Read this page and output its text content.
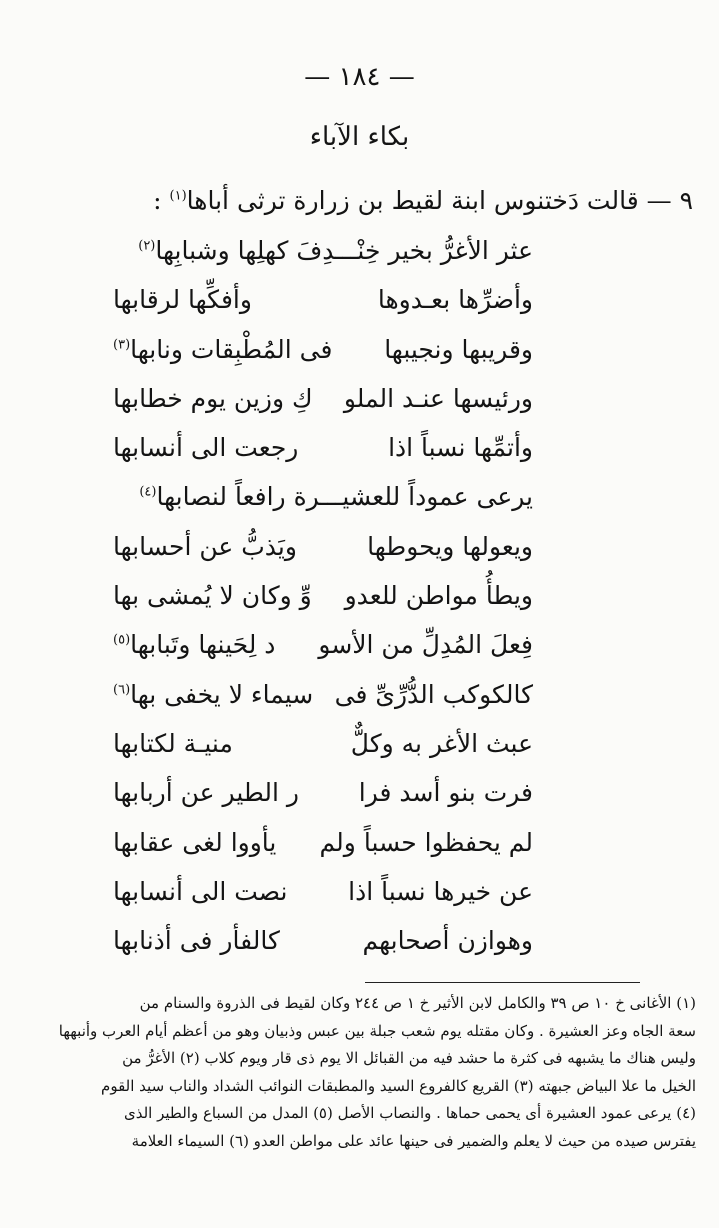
— ١٨٤ —
بكاء الآباء
٩ — قالت دَختنوس ابنة لقيط بن زرارة ترثى أباها$^{(١)}$ :
عثر الأغرُّ بخير خِنْـــدِفَ كهلِها وشبابِها$^{(٢)}$
وأضرِّها بعـدوها
وأفكِّها لرقابها
وقريبها ونجيبها
فى المُطْبِقات ونابها$^{(٣)}$
ورئيسها عنـد الملو
كِ وزين يوم خطابها
وأتمِّها نسباً اذا
رجعت الى أنسابها
يرعى عموداً للعشيـــرة رافعاً لنصابها$^{(٤)}$
ويعولها ويحوطها
ويَذبُّ عن أحسابها
ويطأُ مواطن للعدو
وِّ وكان لا يُمشى بها
فِعلَ المُدِلِّ من الأسو
د لِحَينها وتَبابها$^{(٥)}$
كالكوكب الدُّرِّىِّ فى
سيماء لا يخفى بها$^{(٦)}$
عبث الأغر به وكلٌّ
منيـة لكتابها
فرت بنو أسد فرا
ر الطير عن أربابها
لم يحفظوا حسباً ولم
يأووا لغى عقابها
عن خيرها نسباً اذا
نصت الى أنسابها
وهوازن أصحابهم
كالفأر فى أذنابها

(١) الأغانى خ ١٠ ص ٣٩ والكامل لابن الأثير خ ١ ص ٢٤٤ وكان لقيط فى الذروة والسنام من

سعة الجاه وعز العشيرة . وكان مقتله يوم شعب جبلة بين عبس وذبيان وهو من أعظم أيام العرب وأنبهها

وليس هناك ما يشبهه فى كثرة ما حشد فيه من القبائل الا يوم ذى قار ويوم كلاب (٢) الأغرُّ من

الخيل ما علا البياض جبهته (٣) القريع كالفروع السيد والمطبقات النوائب الشداد والناب سيد القوم

(٤) يرعى عمود العشيرة أى يحمى حماها . والنصاب الأصل (٥) المدل من السباع والطير الذى

يفترس صيده من حيث لا يعلم والضمير فى حينها عائد على مواطن العدو (٦) السيماء العلامة
